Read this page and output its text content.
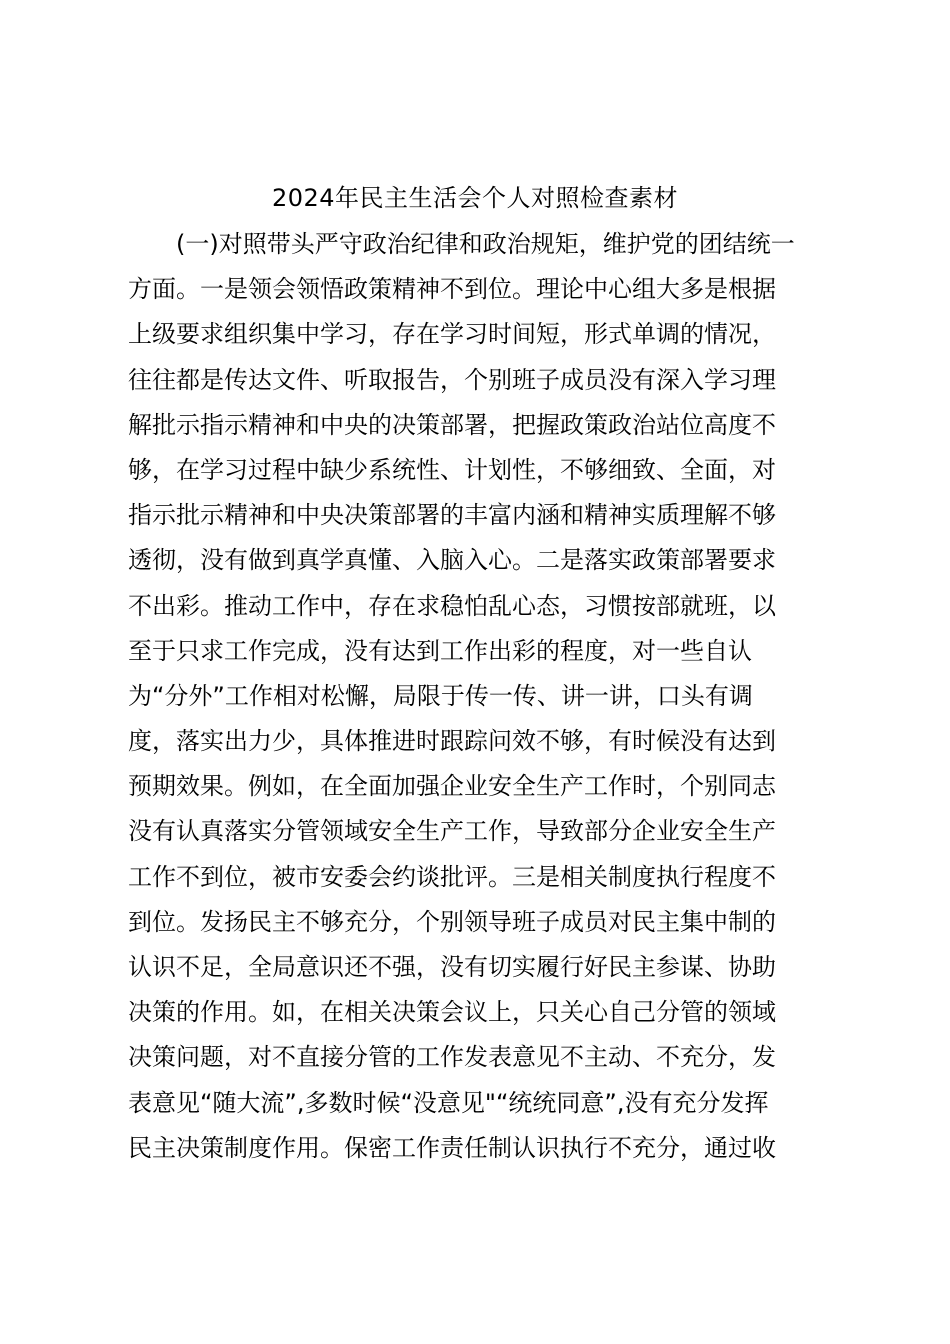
2024年民主生活会个人对照检查素材
　　(一)对照带头严守政治纪律和政治规矩，维护党的团结统一
方面。一是领会领悟政策精神不到位。理论中心组大多是根据
上级要求组织集中学习，存在学习时间短，形式单调的情况，
往往都是传达文件、听取报告，个别班子成员没有深入学习理
解批示指示精神和中央的决策部署，把握政策政治站位高度不
够，在学习过程中缺少系统性、计划性，不够细致、全面，对
指示批示精神和中央决策部署的丰富内涵和精神实质理解不够
透彻，没有做到真学真懂、入脑入心。二是落实政策部署要求
不出彩。推动工作中，存在求稳怕乱心态，习惯按部就班，以
至于只求工作完成，没有达到工作出彩的程度，对一些自认
为“分外”工作相对松懈，局限于传一传、讲一讲，口头有调
度，落实出力少，具体推进时跟踪问效不够，有时候没有达到
预期效果。例如，在全面加强企业安全生产工作时，个别同志
没有认真落实分管领域安全生产工作，导致部分企业安全生产
工作不到位，被市安委会约谈批评。三是相关制度执行程度不
到位。发扬民主不够充分，个别领导班子成员对民主集中制的
认识不足，全局意识还不强，没有切实履行好民主参谋、协助
决策的作用。如，在相关决策会议上，只关心自己分管的领域
决策问题，对不直接分管的工作发表意见不主动、不充分，发
表意见“随大流”,多数时候“没意见"“统统同意”,没有充分发挥
民主决策制度作用。保密工作责任制认识执行不充分，通过收
